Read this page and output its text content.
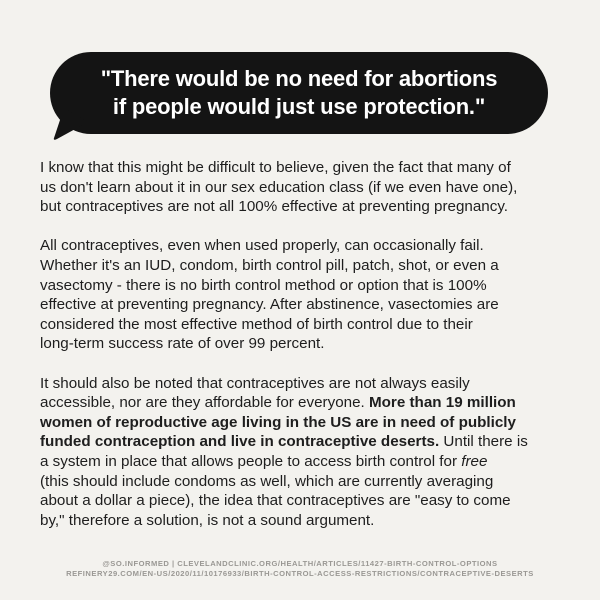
"There would be no need for abortions
if people would just use protection."

I know that this might be difficult to believe, given the fact that many of
us don't learn about it in our sex education class (if we even have one),
but contraceptives are not all 100% effective at preventing pregnancy.

All contraceptives, even when used properly, can occasionally fail.
Whether it's an IUD, condom, birth control pill, patch, shot, or even a
vasectomy - there is no birth control method or option that is 100%
effective at preventing pregnancy. After abstinence, vasectomies are
considered the most effective method of birth control due to their
long-term success rate of over 99 percent.

It should also be noted that contraceptives are not always easily
accessible, nor are they affordable for everyone. More than 19 million
women of reproductive age living in the US are in need of publicly
funded contraception and live in contraceptive deserts. Until there is
a system in place that allows people to access birth control for free
(this should include condoms as well, which are currently averaging
about a dollar a piece), the idea that contraceptives are "easy to come
by," therefore a solution, is not a sound argument.

@SO.INFORMED | CLEVELANDCLINIC.ORG/HEALTH/ARTICLES/11427-BIRTH-CONTROL-OPTIONS
REFINERY29.COM/EN-US/2020/11/10176933/BIRTH-CONTROL-ACCESS-RESTRICTIONS/CONTRACEPTIVE-DESERTS
